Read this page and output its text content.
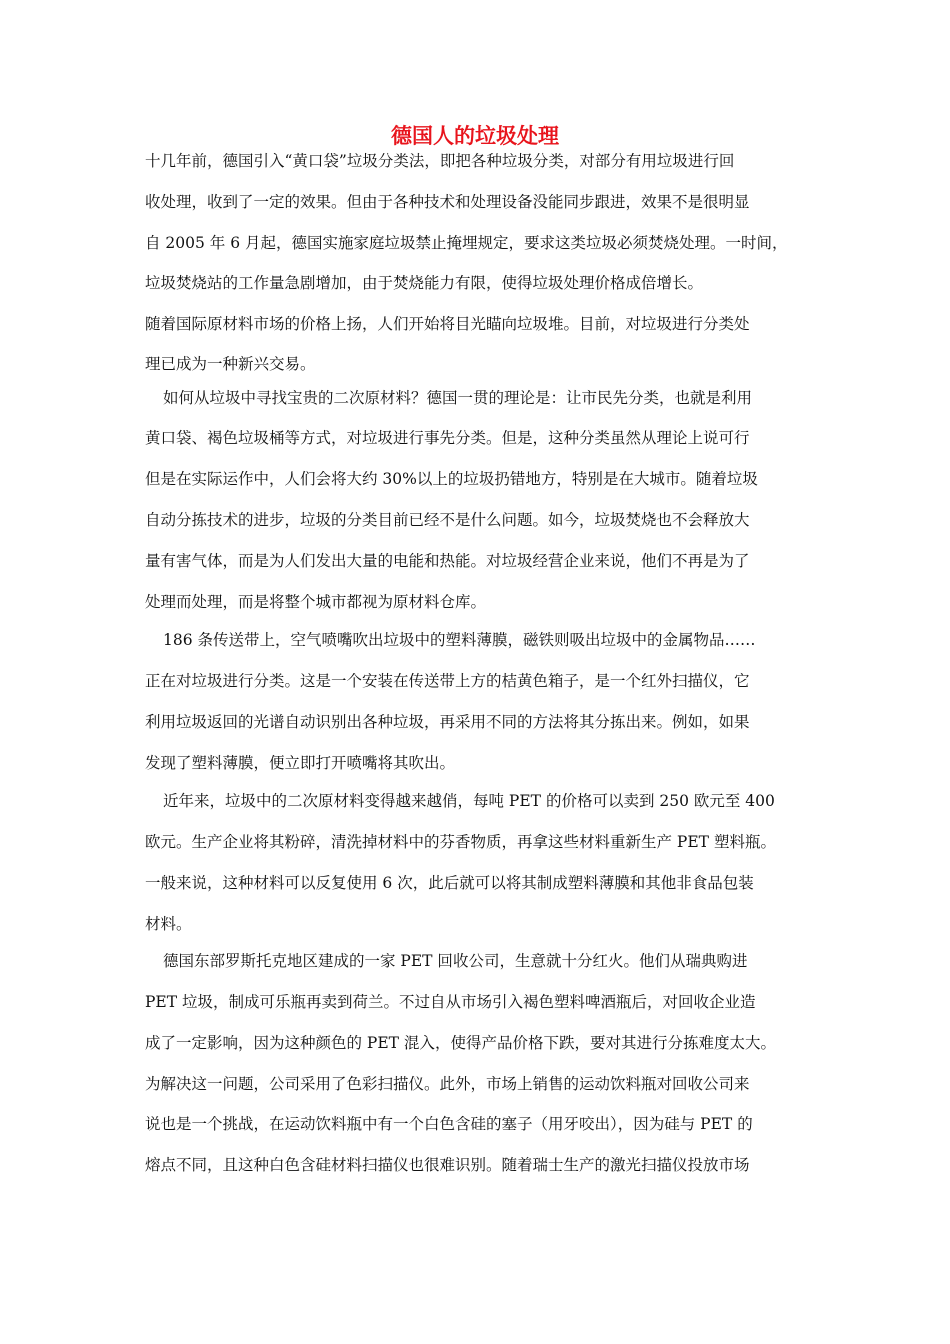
德国人的垃圾处理
十几年前，德国引入“黄口袋”垃圾分类法，即把各种垃圾分类，对部分有用垃圾进行回
收处理，收到了一定的效果。但由于各种技术和处理设备没能同步跟进，效果不是很明显
自 2005 年 6 月起，德国实施家庭垃圾禁止掩埋规定，要求这类垃圾必须焚烧处理。一时间，
垃圾焚烧站的工作量急剧增加，由于焚烧能力有限，使得垃圾处理价格成倍增长。
随着国际原材料市场的价格上扬，人们开始将目光瞄向垃圾堆。目前，对垃圾进行分类处
理已成为一种新兴交易。
如何从垃圾中寻找宝贵的二次原材料？德国一贯的理论是：让市民先分类，也就是利用
黄口袋、褐色垃圾桶等方式，对垃圾进行事先分类。但是，这种分类虽然从理论上说可行
但是在实际运作中，人们会将大约 30%以上的垃圾扔错地方，特别是在大城市。随着垃圾
自动分拣技术的进步，垃圾的分类目前已经不是什么问题。如今，垃圾焚烧也不会释放大
量有害气体，而是为人们发出大量的电能和热能。对垃圾经营企业来说，他们不再是为了
处理而处理，而是将整个城市都视为原材料仓库。
186 条传送带上，空气喷嘴吹出垃圾中的塑料薄膜，磁铁则吸出垃圾中的金属物品……
正在对垃圾进行分类。这是一个安装在传送带上方的桔黄色箱子，是一个红外扫描仪，它
利用垃圾返回的光谱自动识别出各种垃圾，再采用不同的方法将其分拣出来。例如，如果
发现了塑料薄膜，便立即打开喷嘴将其吹出。
近年来，垃圾中的二次原材料变得越来越俏，每吨 PET 的价格可以卖到 250 欧元至 400
欧元。生产企业将其粉碎，清洗掉材料中的芬香物质，再拿这些材料重新生产 PET 塑料瓶。
一般来说，这种材料可以反复使用 6 次，此后就可以将其制成塑料薄膜和其他非食品包装
材料。
德国东部罗斯托克地区建成的一家 PET 回收公司，生意就十分红火。他们从瑞典购进
PET 垃圾，制成可乐瓶再卖到荷兰。不过自从市场引入褐色塑料啤酒瓶后，对回收企业造
成了一定影响，因为这种颜色的 PET 混入，使得产品价格下跌，要对其进行分拣难度太大。
为解决这一问题，公司采用了色彩扫描仪。此外，市场上销售的运动饮料瓶对回收公司来
说也是一个挑战，在运动饮料瓶中有一个白色含硅的塞子（用牙咬出），因为硅与 PET 的
熔点不同，且这种白色含硅材料扫描仪也很难识别。随着瑞士生产的激光扫描仪投放市场
